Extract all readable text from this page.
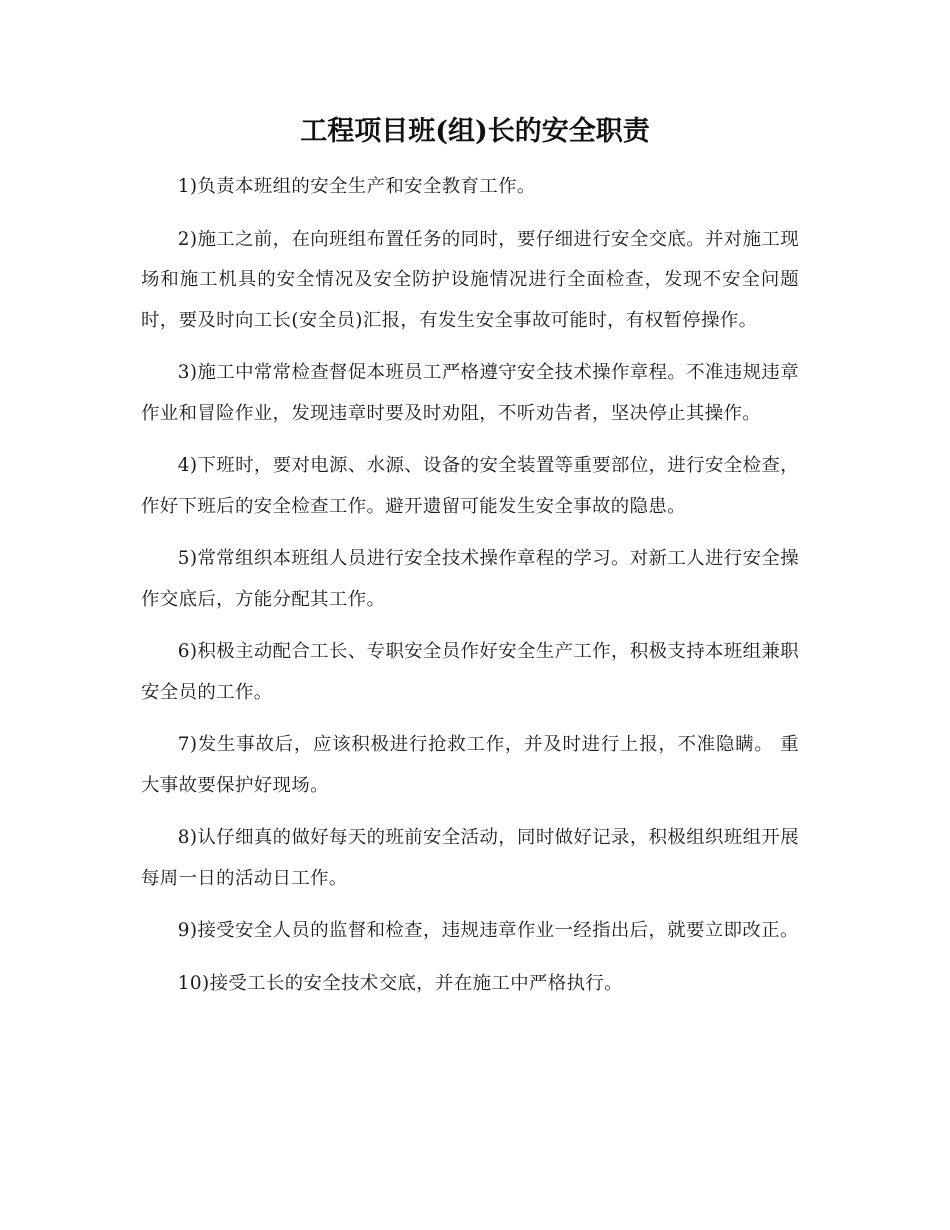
工程项目班(组)长的安全职责

1)负责本班组的安全生产和安全教育工作。

2)施工之前，在向班组布置任务的同时，要仔细进行安全交底。并对施工现场和施工机具的安全情况及安全防护设施情况进行全面检查，发现不安全问题时，要及时向工长(安全员)汇报，有发生安全事故可能时，有权暂停操作。

3)施工中常常检查督促本班员工严格遵守安全技术操作章程。不准违规违章作业和冒险作业，发现违章时要及时劝阻，不听劝告者，坚决停止其操作。

4)下班时，要对电源、水源、设备的安全装置等重要部位，进行安全检查，作好下班后的安全检查工作。避开遗留可能发生安全事故的隐患。

5)常常组织本班组人员进行安全技术操作章程的学习。对新工人进行安全操作交底后，方能分配其工作。

6)积极主动配合工长、专职安全员作好安全生产工作，积极支持本班组兼职安全员的工作。

7)发生事故后，应该积极进行抢救工作，并及时进行上报，不准隐瞒。 重大事故要保护好现场。

8)认仔细真的做好每天的班前安全活动，同时做好记录，积极组织班组开展每周一日的活动日工作。

9)接受安全人员的监督和检查，违规违章作业一经指出后，就要立即改正。

10)接受工长的安全技术交底，并在施工中严格执行。
